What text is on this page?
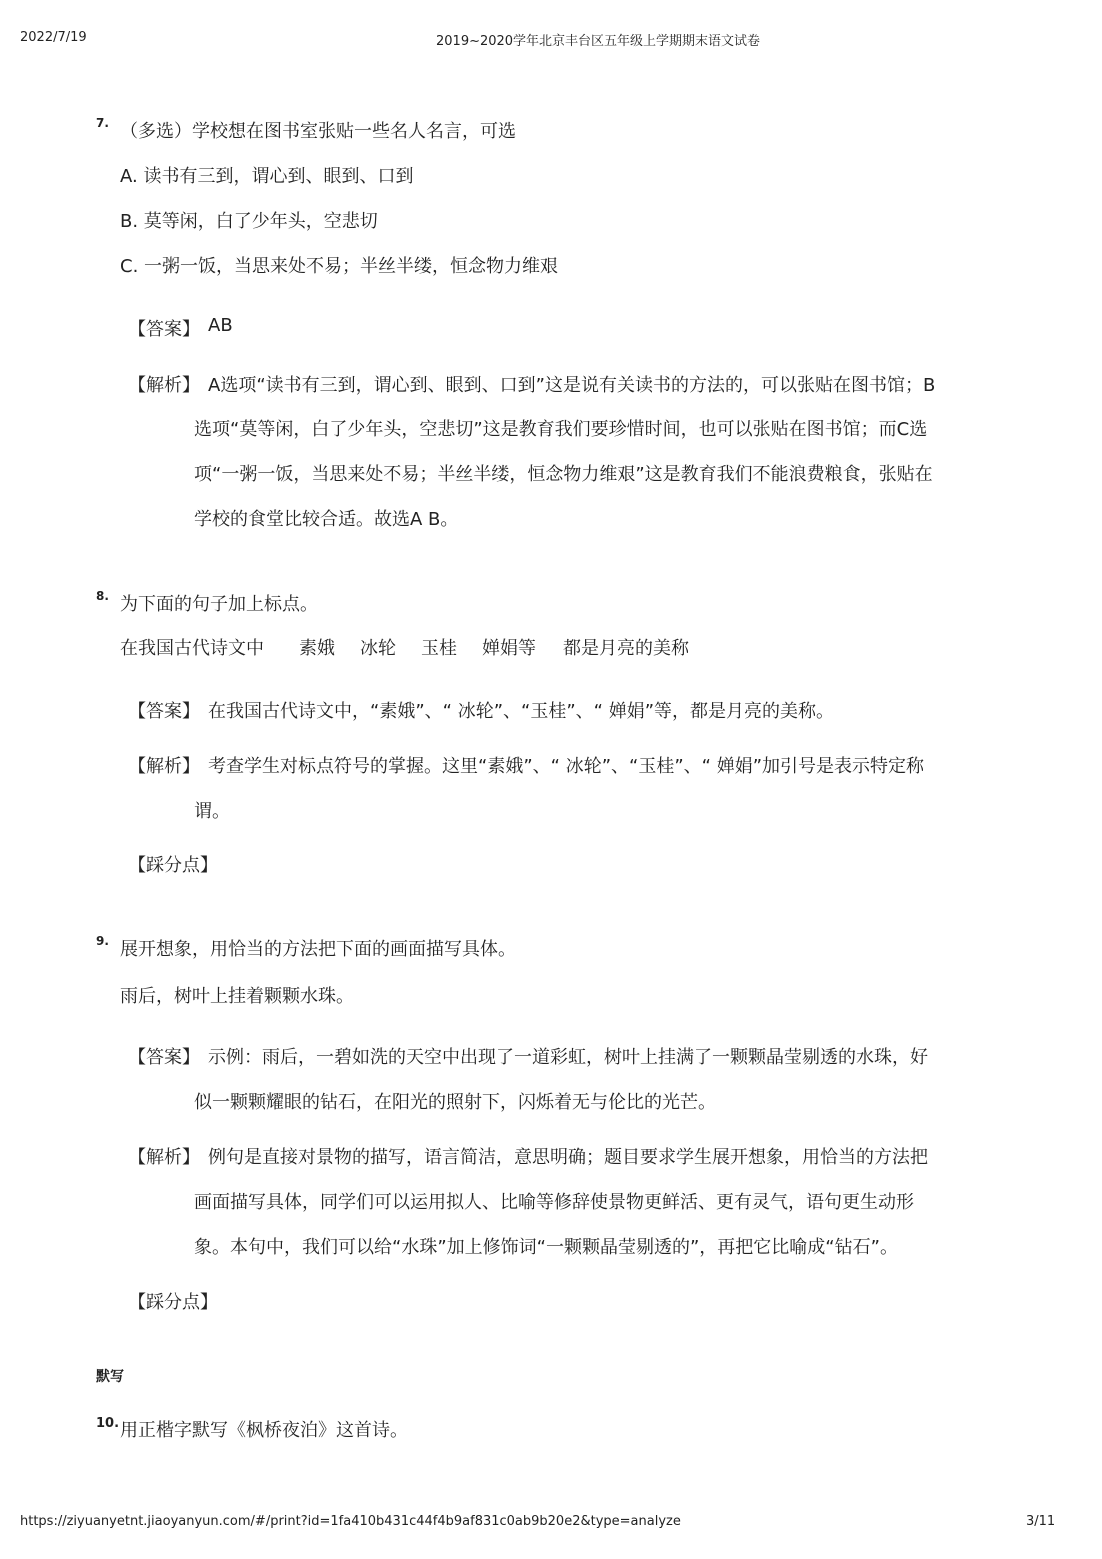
2022/7/19	2019~2020学年北京丰台区五年级上学期期末语文试卷
7. （多选）学校想在图书室张贴一些名人名言，可选
A. 读书有三到，谓心到、眼到、口到
B. 莫等闲，白了少年头，空悲切
C. 一粥一饭，当思来处不易；半丝半缕，恒念物力维艰
【答案】 AB
【解析】 A选项“读书有三到，谓心到、眼到、口到”这是说有关读书的方法的，可以张贴在图书馆；B
选项“莫等闲，白了少年头，空悲切”这是教育我们要珍惜时间，也可以张贴在图书馆；而C选
项“一粥一饭，当思来处不易；半丝半缕，恒念物力维艰”这是教育我们不能浪费粮食，张贴在
学校的食堂比较合适。故选A B。
8. 为下面的句子加上标点。
在我国古代诗文中 素娥 冰轮 玉桂 婵娟等 都是月亮的美称
【答案】 在我国古代诗文中，“素娥”、“ 冰轮”、“玉桂”、“ 婵娟”等，都是月亮的美称。
【解析】 考查学生对标点符号的掌握。这里“素娥”、“ 冰轮”、“玉桂”、“ 婵娟”加引号是表示特定称
谓。
【踩分点】
9. 展开想象，用恰当的方法把下面的画面描写具体。
雨后，树叶上挂着颗颗水珠。
【答案】 示例：雨后，一碧如洗的天空中出现了一道彩虹，树叶上挂满了一颗颗晶莹剔透的水珠，好
似一颗颗耀眼的钻石，在阳光的照射下，闪烁着无与伦比的光芒。
【解析】 例句是直接对景物的描写，语言简洁，意思明确；题目要求学生展开想象，用恰当的方法把
画面描写具体，同学们可以运用拟人、比喻等修辞使景物更鲜活、更有灵气，语句更生动形
象。本句中，我们可以给“水珠”加上修饰词“一颗颗晶莹剔透的”，再把它比喻成“钻石”。
【踩分点】
默写
10. 用正楷字默写《枫桥夜泊》这首诗。
https://ziyuanyetnt.jiaoyanyun.com/#/print?id=1fa410b431c44f4b9af831c0ab9b20e2&type=analyze	3/11
